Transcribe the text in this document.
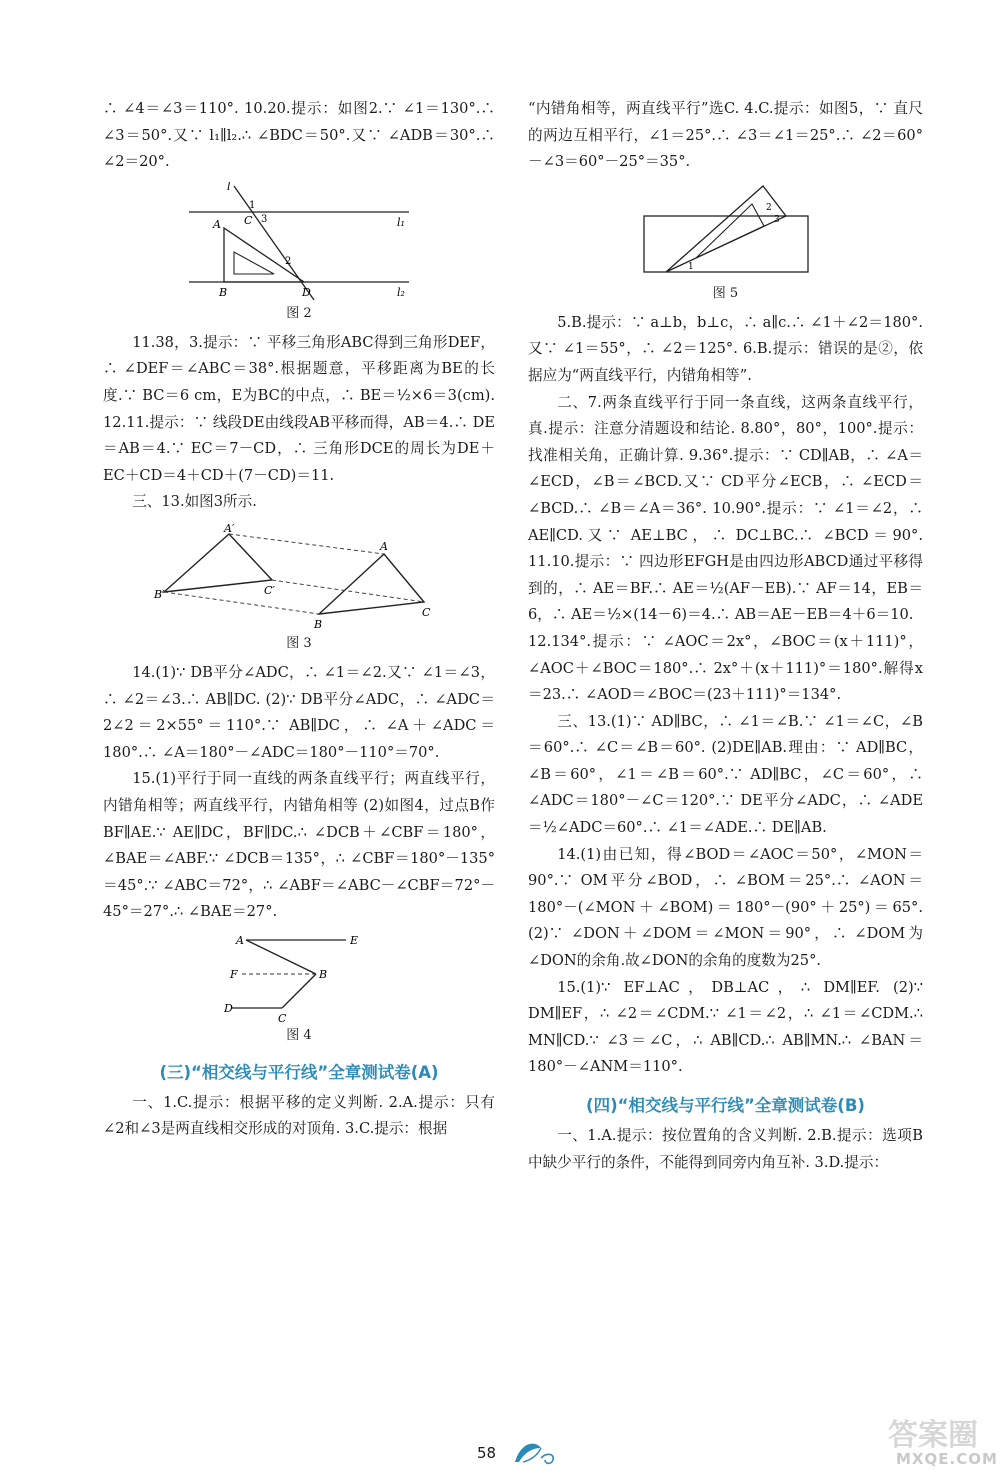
∴ ∠4＝∠3＝110°. 10.20.提示：如图2.∵ ∠1＝130°.∴ ∠3＝50°.又∵ l₁∥l₂.∴ ∠BDC＝50°.又∵ ∠ADB＝30°.∴ ∠2＝20°.

l
1
3
C	l₁
A
2
B	D	l₂
图 2

11.38，3.提示：∵ 平移三角形ABC得到三角形DEF，∴ ∠DEF＝∠ABC＝38°.根据题意，平移距离为BE的长度.∵ BC＝6 cm，E为BC的中点，∴ BE＝½×6＝3(cm). 12.11.提示：∵ 线段DE由线段AB平移而得，AB＝4.∴ DE＝AB＝4.∵ EC＝7－CD，∴ 三角形DCE的周长为DE＋EC＋CD＝4＋CD＋(7－CD)＝11.

三、13.如图3所示.

A′
A
B′	C′
B
C
图 3

14.(1)∵ DB平分∠ADC，∴ ∠1＝∠2.又∵ ∠1＝∠3，∴ ∠2＝∠3.∴ AB∥DC. (2)∵ DB平分∠ADC，∴ ∠ADC＝2∠2＝2×55°＝110°.∵ AB∥DC，∴ ∠A＋∠ADC＝180°.∴ ∠A＝180°－∠ADC＝180°－110°＝70°.

15.(1)平行于同一直线的两条直线平行；两直线平行，内错角相等；两直线平行，内错角相等 (2)如图4，过点B作BF∥AE.∵ AE∥DC，BF∥DC.∴ ∠DCB＋∠CBF＝180°，∠BAE＝∠ABF.∵ ∠DCB＝135°，∴ ∠CBF＝180°－135°＝45°.∵ ∠ABC＝72°，∴ ∠ABF＝∠ABC－∠CBF＝72°－45°＝27°.∴ ∠BAE＝27°.

A	E
F	B
D
C
图 4
(三)“相交线与平行线”全章测试卷(A)

一、1.C.提示：根据平移的定义判断. 2.A.提示：只有∠2和∠3是两直线相交形成的对顶角. 3.C.提示：根据

“内错角相等，两直线平行”选C. 4.C.提示：如图5，∵ 直尺的两边互相平行，∠1＝25°.∴ ∠3＝∠1＝25°.∴ ∠2＝60°－∠3＝60°－25°＝35°.

2
3
1
图 5

5.B.提示：∵ a⊥b，b⊥c，∴ a∥c.∴ ∠1＋∠2＝180°.又∵ ∠1＝55°，∴ ∠2＝125°. 6.B.提示：错误的是②，依据应为“两直线平行，内错角相等”.

二、7.两条直线平行于同一条直线，这两条直线平行，真.提示：注意分清题设和结论. 8.80°，80°，100°.提示：找准相关角，正确计算. 9.36°.提示：∵ CD∥AB，∴ ∠A＝∠ECD，∠B＝∠BCD.又∵ CD平分∠ECB，∴ ∠ECD＝∠BCD.∴ ∠B＝∠A＝36°. 10.90°.提示：∵ ∠1＝∠2，∴ AE∥CD.又∵ AE⊥BC，∴ DC⊥BC.∴ ∠BCD＝90°. 11.10.提示：∵ 四边形EFGH是由四边形ABCD通过平移得到的，∴ AE＝BF.∴ AE＝½(AF－EB).∵ AF＝14，EB＝6，∴ AE＝½×(14－6)＝4.∴ AB＝AE－EB＝4＋6＝10.

12.134°.提示：∵ ∠AOC＝2x°，∠BOC＝(x＋111)°，∠AOC＋∠BOC＝180°.∴ 2x°＋(x＋111)°＝180°.解得x＝23.∴ ∠AOD＝∠BOC＝(23＋111)°＝134°.

三、13.(1)∵ AD∥BC，∴ ∠1＝∠B.∵ ∠1＝∠C，∠B＝60°.∴ ∠C＝∠B＝60°. (2)DE∥AB.理由：∵ AD∥BC，∠B＝60°，∠1＝∠B＝60°.∵ AD∥BC，∠C＝60°，∴ ∠ADC＝180°－∠C＝120°.∵ DE平分∠ADC，∴ ∠ADE＝½∠ADC＝60°.∴ ∠1＝∠ADE.∴ DE∥AB.

14.(1)由已知，得∠BOD＝∠AOC＝50°，∠MON＝90°.∵ OM平分∠BOD，∴ ∠BOM＝25°.∴ ∠AON＝180°－(∠MON＋∠BOM)＝180°－(90°＋25°)＝65°. (2)∵ ∠DON＋∠DOM＝∠MON＝90°，∴ ∠DOM为∠DON的余角.故∠DON的余角的度数为25°.

15.(1)∵ EF⊥AC，DB⊥AC，∴ DM∥EF. (2)∵ DM∥EF，∴ ∠2＝∠CDM.∵ ∠1＝∠2，∴ ∠1＝∠CDM.∴ MN∥CD.∵ ∠3＝∠C，∴ AB∥CD.∴ AB∥MN.∴ ∠BAN＝180°－∠ANM＝110°.

(四)“相交线与平行线”全章测试卷(B)

一、1.A.提示：按位置角的含义判断. 2.B.提示：选项B中缺少平行的条件，不能得到同旁内角互补. 3.D.提示：

58	答案圈
MXQE.COM
